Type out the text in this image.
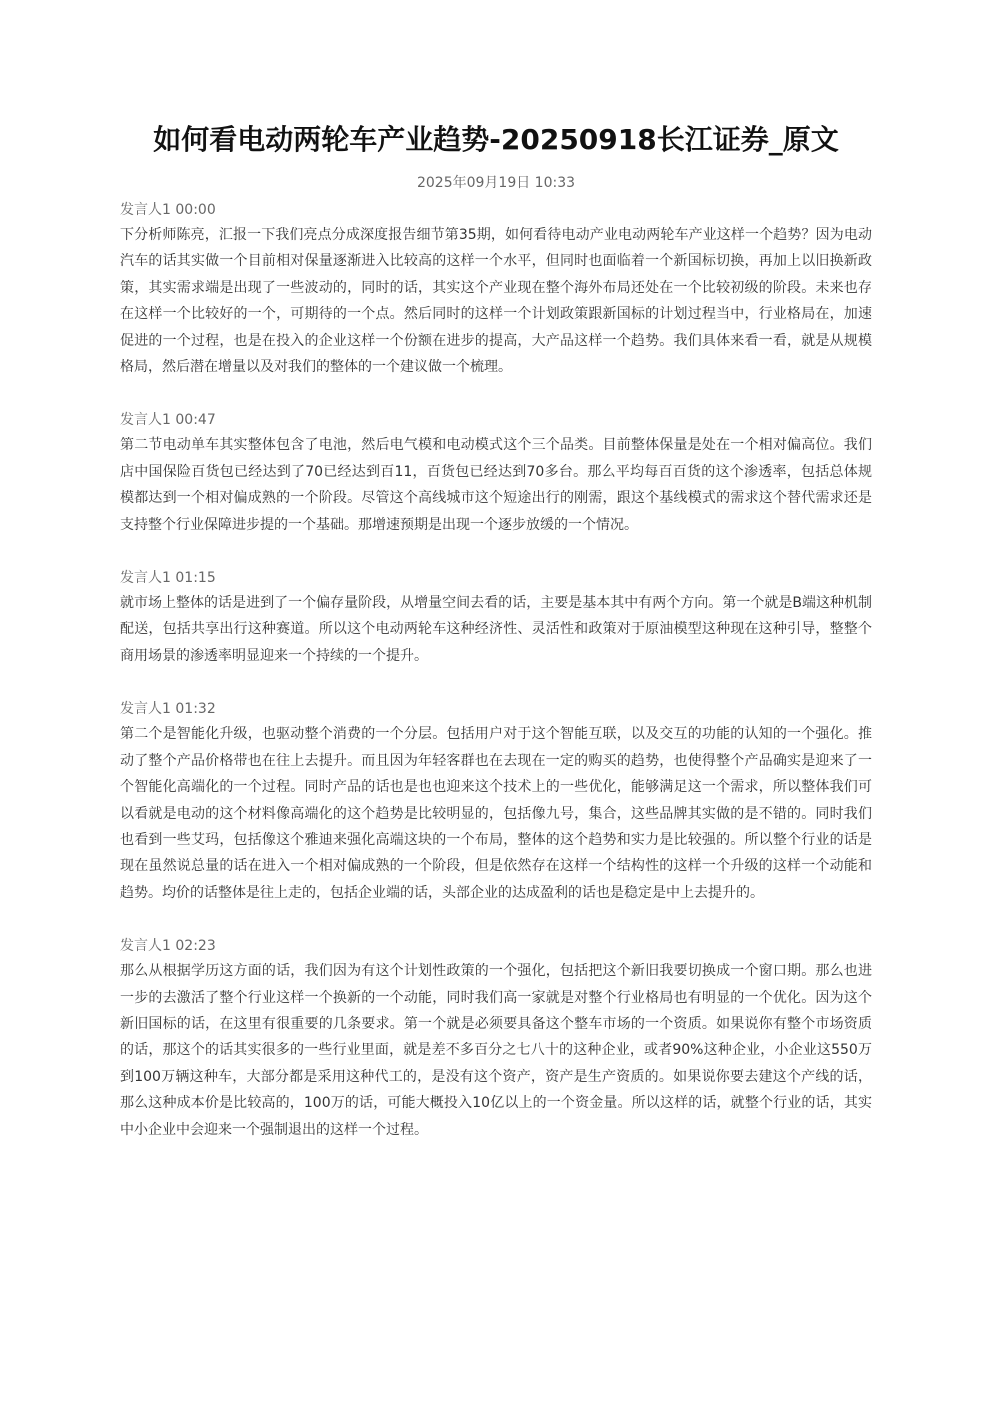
如何看电动两轮车产业趋势-20250918长江证券_原文
2025年09月19日 10:33

发言人1 00:00

下分析师陈亮，汇报一下我们亮点分成深度报告细节第35期，如何看待电动产业电动两轮车产业这样一个趋势？因为电动汽车的话其实做一个目前相对保量逐渐进入比较高的这样一个水平，但同时也面临着一个新国标切换，再加上以旧换新政策，其实需求端是出现了一些波动的，同时的话，其实这个产业现在整个海外布局还处在一个比较初级的阶段。未来也存在这样一个比较好的一个，可期待的一个点。然后同时的这样一个计划政策跟新国标的计划过程当中，行业格局在，加速促进的一个过程，也是在投入的企业这样一个份额在进步的提高，大产品这样一个趋势。我们具体来看一看，就是从规模格局，然后潜在增量以及对我们的整体的一个建议做一个梳理。

发言人1 00:47

第二节电动单车其实整体包含了电池，然后电气模和电动模式这个三个品类。目前整体保量是处在一个相对偏高位。我们店中国保险百货包已经达到了70已经达到百11，百货包已经达到70多台。那么平均每百百货的这个渗透率，包括总体规模都达到一个相对偏成熟的一个阶段。尽管这个高线城市这个短途出行的刚需，跟这个基线模式的需求这个替代需求还是支持整个行业保障进步提的一个基础。那增速预期是出现一个逐步放缓的一个情况。

发言人1 01:15

就市场上整体的话是进到了一个偏存量阶段，从增量空间去看的话，主要是基本其中有两个方向。第一个就是B端这种机制配送，包括共享出行这种赛道。所以这个电动两轮车这种经济性、灵活性和政策对于原油模型这种现在这种引导，整整个商用场景的渗透率明显迎来一个持续的一个提升。

发言人1 01:32

第二个是智能化升级，也驱动整个消费的一个分层。包括用户对于这个智能互联，以及交互的功能的认知的一个强化。推动了整个产品价格带也在往上去提升。而且因为年轻客群也在去现在一定的购买的趋势，也使得整个产品确实是迎来了一个智能化高端化的一个过程。同时产品的话也是也也迎来这个技术上的一些优化，能够满足这一个需求，所以整体我们可以看就是电动的这个材料像高端化的这个趋势是比较明显的，包括像九号，集合，这些品牌其实做的是不错的。同时我们也看到一些艾玛，包括像这个雅迪来强化高端这块的一个布局，整体的这个趋势和实力是比较强的。所以整个行业的话是现在虽然说总量的话在进入一个相对偏成熟的一个阶段，但是依然存在这样一个结构性的这样一个升级的这样一个动能和趋势。均价的话整体是往上走的，包括企业端的话，头部企业的达成盈利的话也是稳定是中上去提升的。

发言人1 02:23

那么从根据学历这方面的话，我们因为有这个计划性政策的一个强化，包括把这个新旧我要切换成一个窗口期。那么也进一步的去激活了整个行业这样一个换新的一个动能，同时我们高一家就是对整个行业格局也有明显的一个优化。因为这个新旧国标的话，在这里有很重要的几条要求。第一个就是必须要具备这个整车市场的一个资质。如果说你有整个市场资质的话，那这个的话其实很多的一些行业里面，就是差不多百分之七八十的这种企业，或者90%这种企业，小企业这550万到100万辆这种车，大部分都是采用这种代工的，是没有这个资产，资产是生产资质的。如果说你要去建这个产线的话，那么这种成本价是比较高的，100万的话，可能大概投入10亿以上的一个资金量。所以这样的话，就整个行业的话，其实中小企业中会迎来一个强制退出的这样一个过程。
